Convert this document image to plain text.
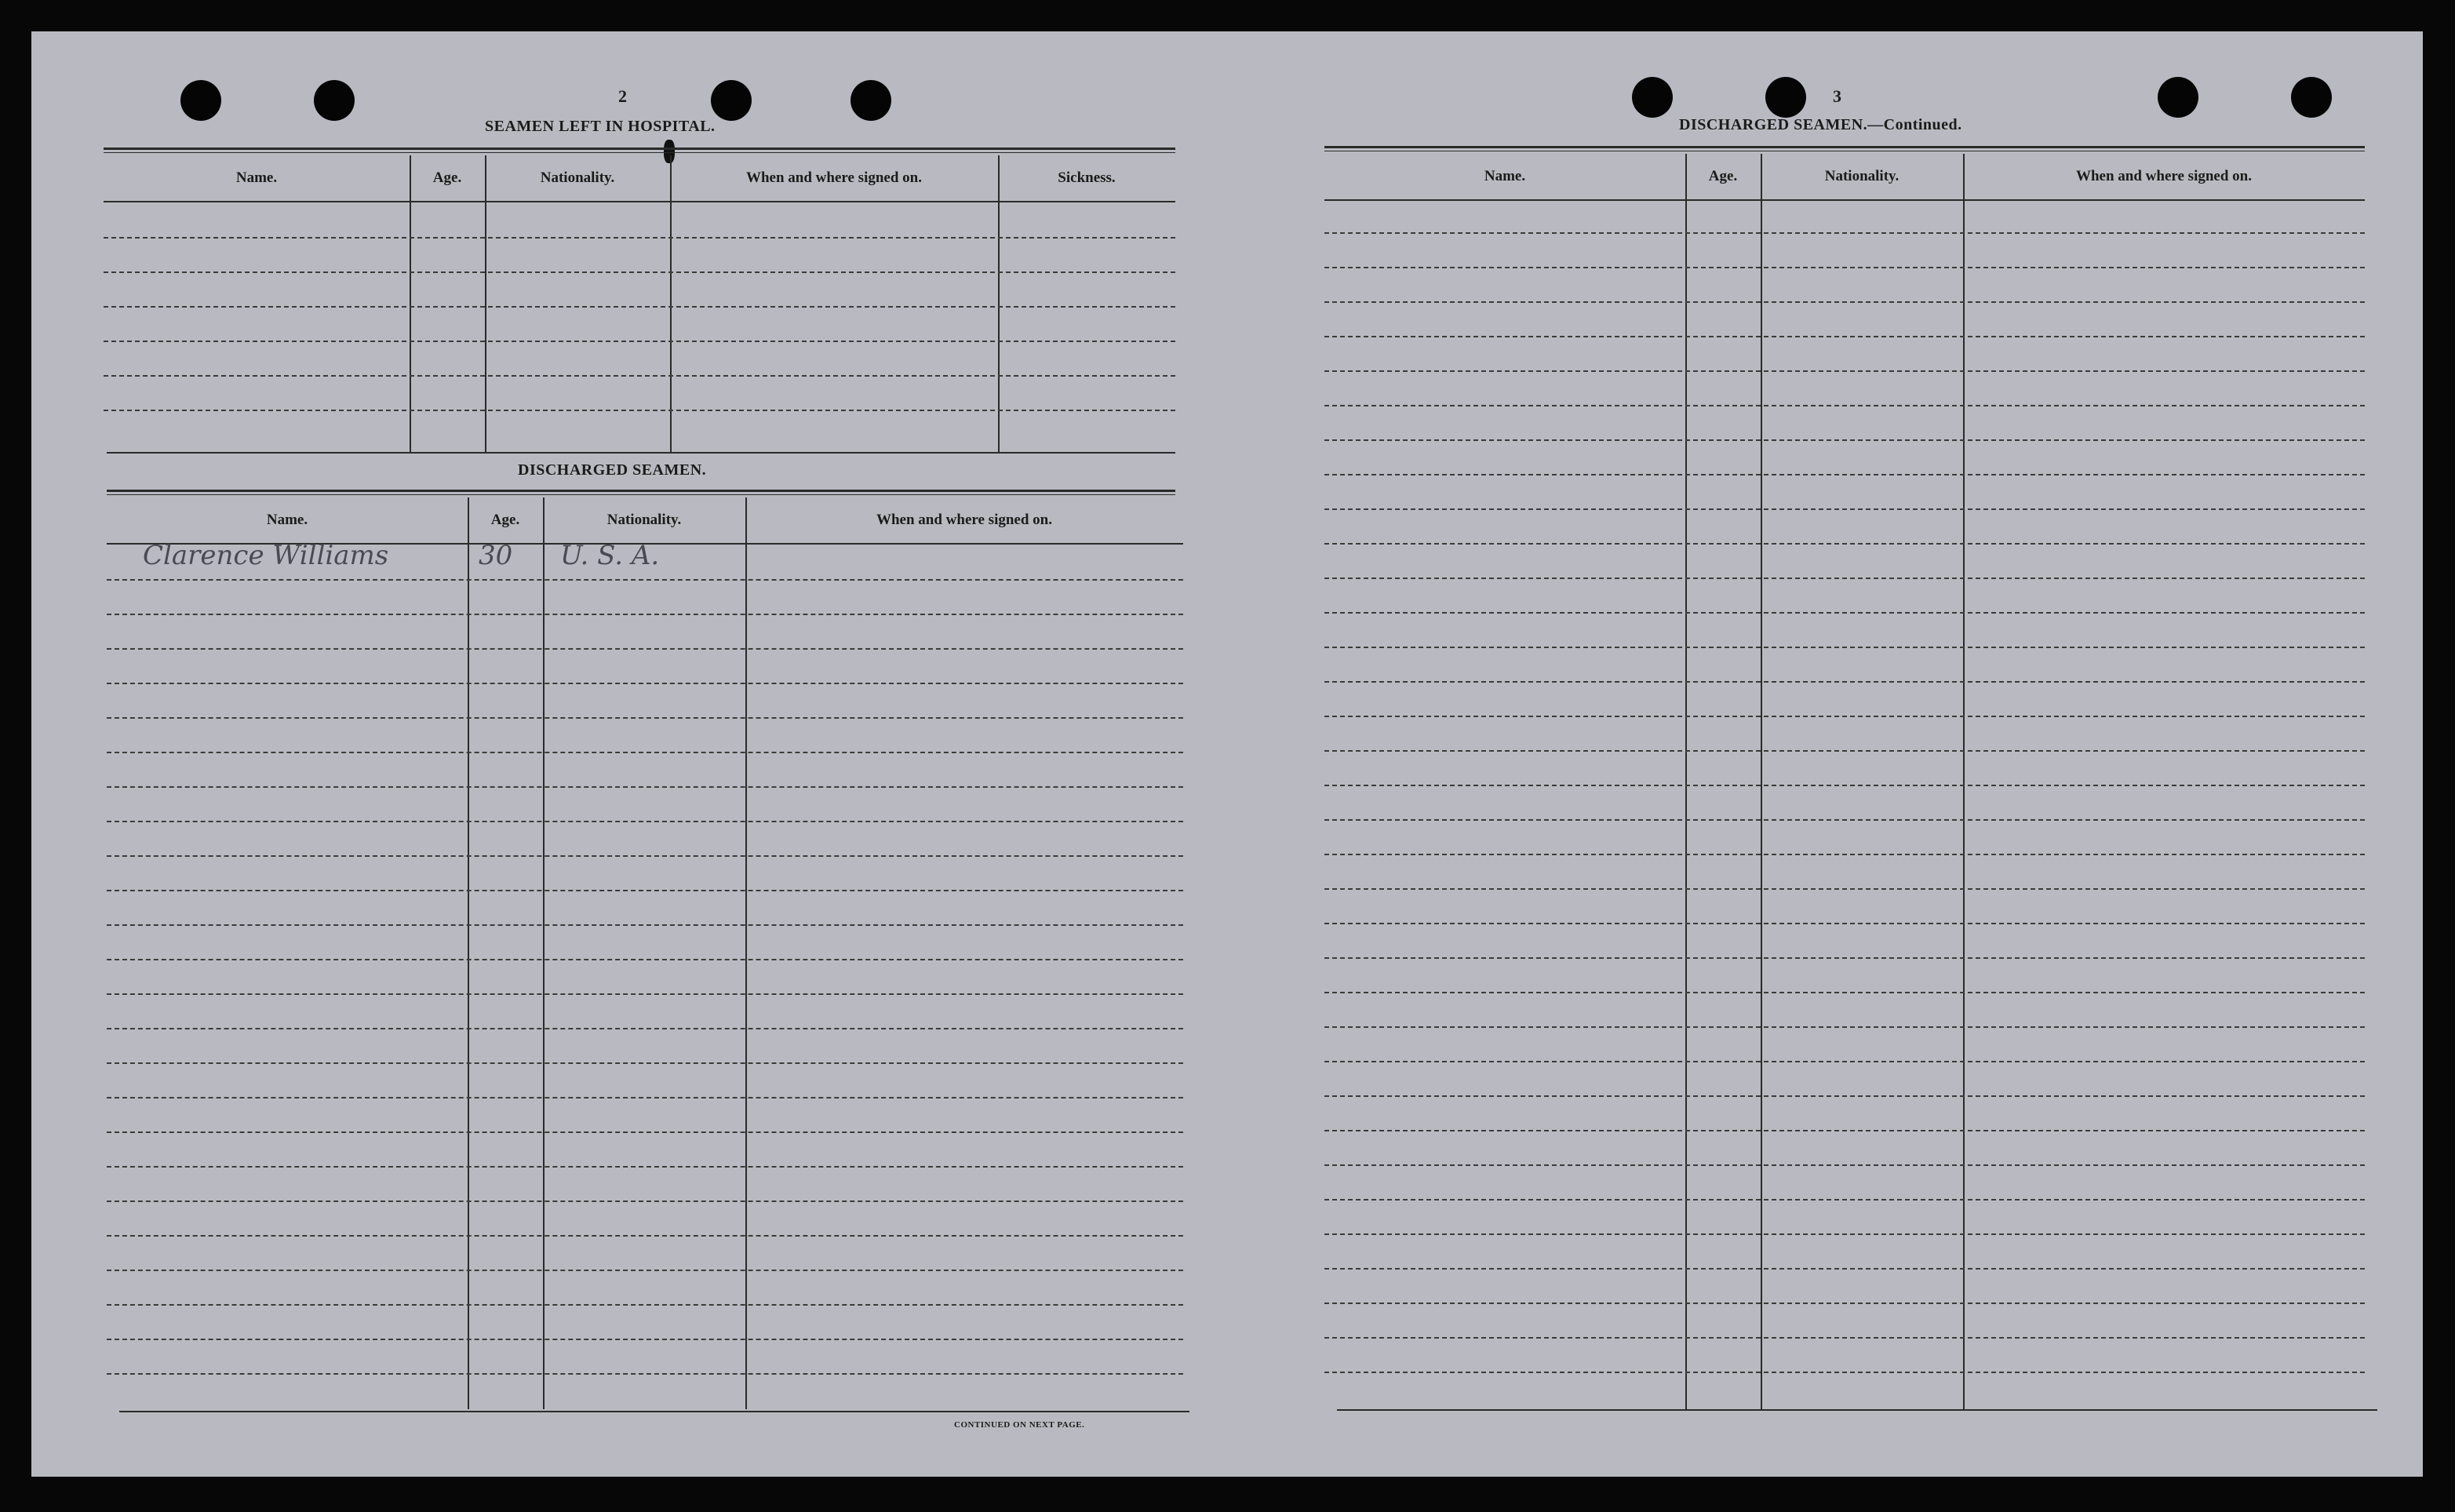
2
SEAMEN LEFT IN HOSPITAL.
Name.	Age.	Nationality.	When and where signed on.	Sickness.
DISCHARGED SEAMEN.
Name.	Age.	Nationality.	When and where signed on.
Clarence Williams	30 U. S. A.
CONTINUED ON NEXT PAGE.
3
DISCHARGED SEAMEN.—Continued.
Name.	Age.	Nationality.	When and where signed on.
